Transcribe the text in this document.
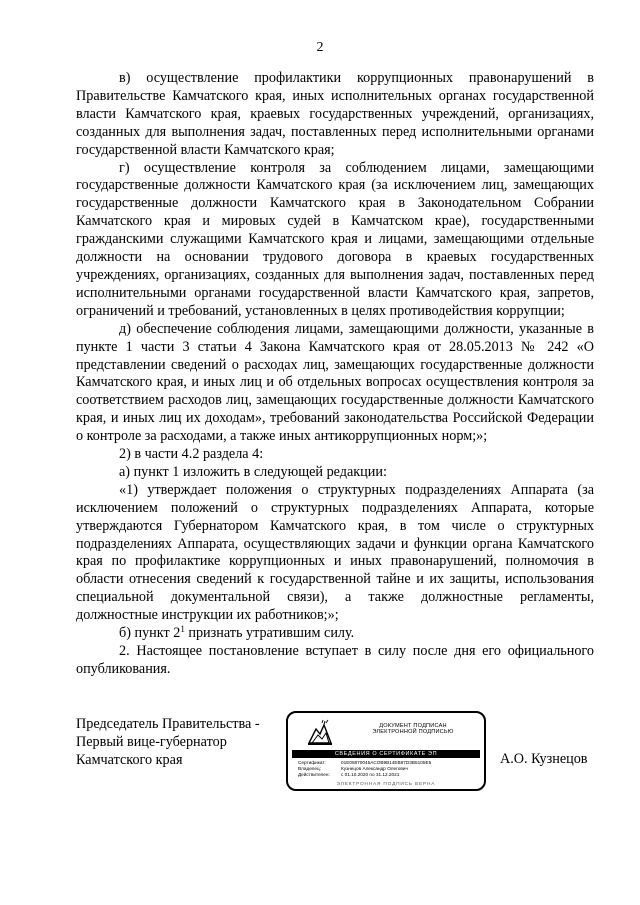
2

в) осуществление профилактики коррупционных правонарушений в Правительстве Камчатского края, иных исполнительных органах государственной власти Камчатского края, краевых государственных учреждений, организациях, созданных для выполнения задач, поставленных перед исполнительными органами государственной власти Камчатского края;

г) осуществление контроля за соблюдением лицами, замещающими государственные должности Камчатского края (за исключением лиц, замещающих государственные должности Камчатского края в Законодательном Собрании Камчатского края и мировых судей в Камчатском крае), государственными гражданскими служащими Камчатского края и лицами, замещающими отдельные должности на основании трудового договора в краевых государственных учреждениях, организациях, созданных для выполнения задач, поставленных перед исполнительными органами государственной власти Камчатского края, запретов, ограничений и требований, установленных в целях противодействия коррупции;

д) обеспечение соблюдения лицами, замещающими должности, указанные в пункте 1 части 3 статьи 4 Закона Камчатского края от 28.05.2013 № 242 «О представлении сведений о расходах лиц, замещающих государственные должности Камчатского края, и иных лиц и об отдельных вопросах осуществления контроля за соответствием расходов лиц, замещающих государственные должности Камчатского края, и иных лиц их доходам», требований законодательства Российской Федерации о контроле за расходами, а также иных антикоррупционных норм;»;

2) в части 4.2 раздела 4:

а) пункт 1 изложить в следующей редакции:

«1) утверждает положения о структурных подразделениях Аппарата (за исключением положений о структурных подразделениях Аппарата, которые утверждаются Губернатором Камчатского края, в том числе о структурных подразделениях Аппарата, осуществляющих задачи и функции органа Камчатского края по профилактике коррупционных и иных правонарушений, полномочия в области отнесения сведений к государственной тайне и их защиты, использования специальной документальной связи), а также должностные регламенты, должностные инструкции их работников;»;

б) пункт $2^1$ признать утратившим силу.

2. Настоящее постановление вступает в силу после дня его официального опубликования.

Председатель Правительства -
Первый вице-губернатор
Камчатского края
ДОКУМЕНТ ПОДПИСАН
ЭЛЕКТРОННОЙ ПОДПИСЬЮ
СВЕДЕНИЯ О СЕРТИФИКАТЕ ЭП
Сертификат:	01E05870045ACOB9B14EB87D3B5105E5
Владелец:	Кузнецов Александр Олегович
Действителен:	с 01.10.2020 по 31.12.2021
ЭЛЕКТРОННАЯ ПОДПИСЬ ВЕРНА
А.О. Кузнецов
